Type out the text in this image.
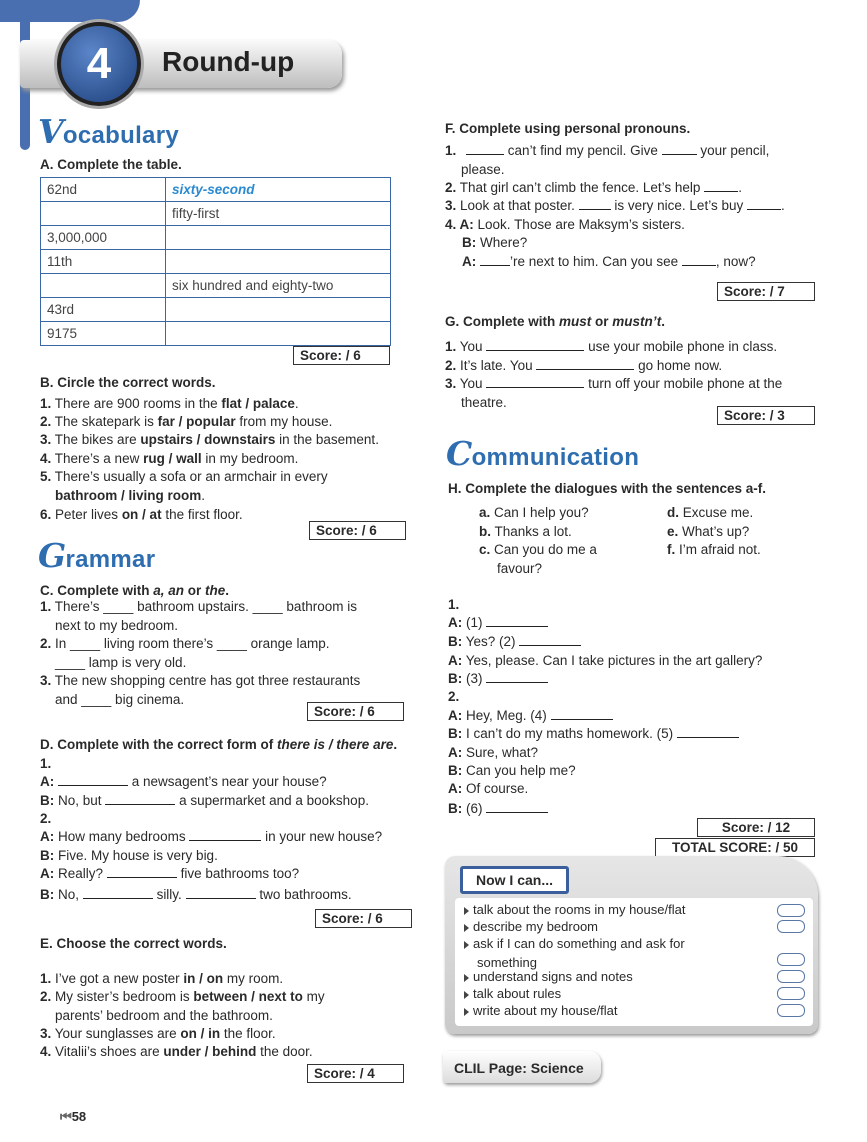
4	Round-up
Vocabulary
A. Complete the table.
62nd	sixty-second
	fifty-first
3,000,000	
11th	
	six hundred and eighty-two
43rd	
9175	
Score: / 6
B. Circle the correct words.
1. There are 900 rooms in the flat / palace.
2. The skatepark is far / popular from my house.
3. The bikes are upstairs / downstairs in the basement.
4. There’s a new rug / wall in my bedroom.
5. There’s usually a sofa or an armchair in every
bathroom / living room.
6. Peter lives on / at the first floor.
Score: / 6
Grammar
C. Complete with a, an or the.
1. There’s ____ bathroom upstairs. ____ bathroom is
next to my bedroom.
2. In ____ living room there’s ____ orange lamp.
____ lamp is very old.
3. The new shopping centre has got three restaurants
and ____ big cinema.
Score: / 6
D. Complete with the correct form of there is / there are.
1.
A:	a newsagent’s near your house?
B: No, but	a supermarket and a bookshop.
2.
A: How many bedrooms	in your new house?
B: Five. My house is very big.
A: Really?	five bathrooms too?
B: No,	silly.	two bathrooms.
Score: / 6
E. Choose the correct words.
1. I’ve got a new poster in / on my room.
2. My sister’s bedroom is between / next to my
parents’ bedroom and the bathroom.
3. Your sunglasses are on / in the floor.
4. Vitalii’s shoes are under / behind the door.
Score: / 4
⏮58
F. Complete using personal pronouns.
1.	can’t find my pencil. Give	your pencil,
please.
2. That girl can’t climb the fence. Let’s help	.
3. Look at that poster.	is very nice. Let’s buy	.
4. A: Look. Those are Maksym’s sisters.
B: Where?
A:	’re next to him. Can you see	, now?
Score: / 7
G. Complete with must or mustn’t.
1. You	use your mobile phone in class.
2. It’s late. You	go home now.
3. You	turn off your mobile phone at the
theatre.
Score: / 3
Communication
H. Complete the dialogues with the sentences a-f.
a. Can I help you?
b. Thanks a lot.
c. Can you do me a
favour?
d. Excuse me.
e. What’s up?
f. I’m afraid not.
1.
A: (1)
B: Yes? (2)
A: Yes, please. Can I take pictures in the art gallery?
B: (3)
2.
A: Hey, Meg. (4)
B: I can’t do my maths homework. (5)
A: Sure, what?
B: Can you help me?
A: Of course.
B: (6)
Score: / 12
TOTAL SCORE: / 50
Now I can...
talk about the rooms in my house/flat
describe my bedroom
ask if I can do something and ask for
something
understand signs and notes
talk about rules
write about my house/flat
CLIL Page: Science
